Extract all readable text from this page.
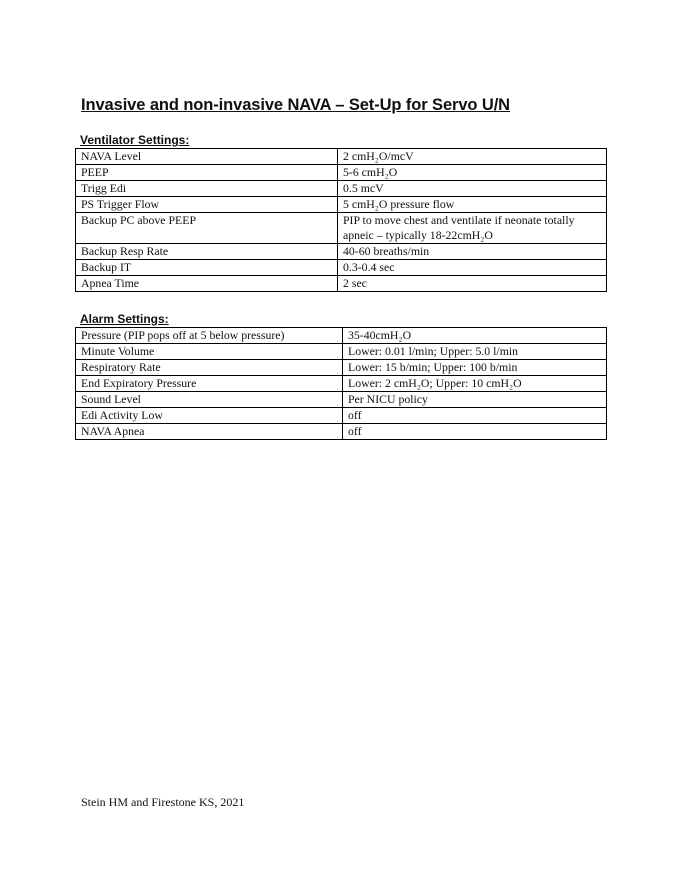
Invasive and non-invasive NAVA – Set-Up for Servo U/N
Ventilator Settings:
NAVA Level	2 cmH₂O/mcV
PEEP	5-6 cmH₂O
Trigg Edi	0.5 mcV
PS Trigger Flow	5 cmH₂O pressure flow
Backup PC above PEEP	PIP to move chest and ventilate if neonate totally apneic – typically 18-22cmH₂O
Backup Resp Rate	40-60 breaths/min
Backup IT	0.3-0.4 sec
Apnea Time	2 sec
Alarm Settings:
Pressure (PIP pops off at 5 below pressure)	35-40cmH₂O
Minute Volume	Lower: 0.01 l/min; Upper: 5.0 l/min
Respiratory Rate	Lower: 15 b/min; Upper: 100 b/min
End Expiratory Pressure	Lower: 2 cmH₂O; Upper: 10 cmH₂O
Sound Level	Per NICU policy
Edi Activity Low	off
NAVA Apnea	off
Stein HM and Firestone KS, 2021
